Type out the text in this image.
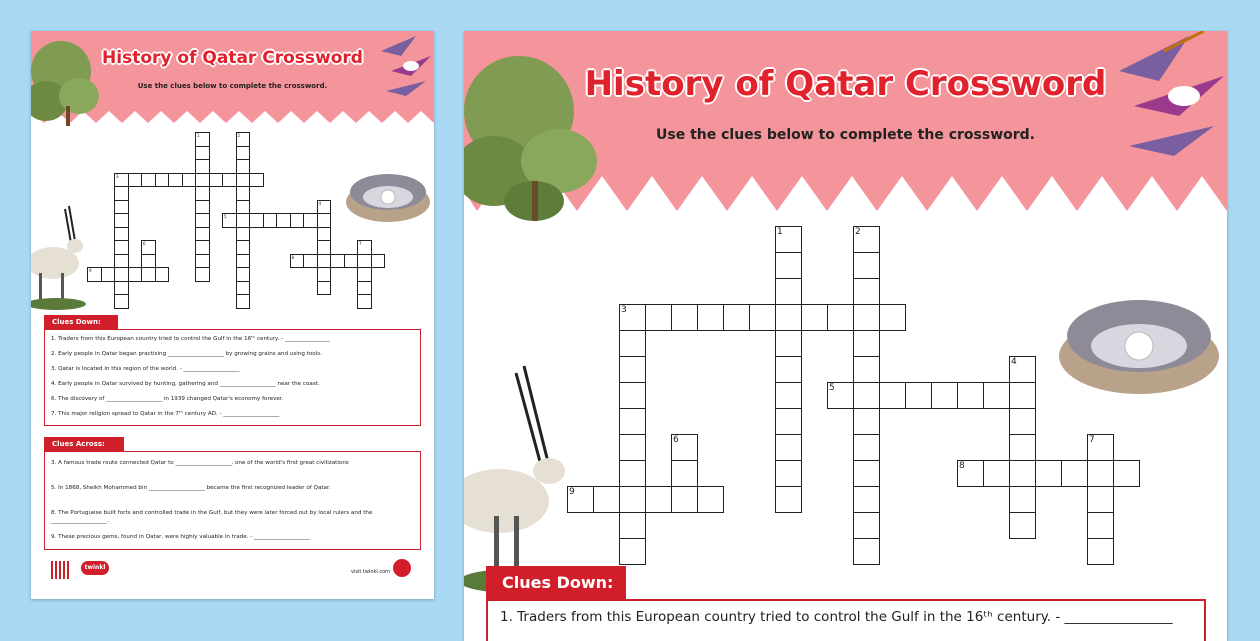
History of Qatar Crossword
Use the clues below to complete the crossword.
1	2
3
5
4
6	7
8
9
Clues Down:
1. Traders from this European country tried to control the Gulf in the 16ᵗʰ century. - ________________
2. Early people in Qatar began practising ____________________ by growing grains and using tools.
3. Qatar is located in this region of the world. - ____________________
4. Early people in Qatar survived by hunting, gathering and ____________________ near the coast.
6. The discovery of ____________________ in 1939 changed Qatar's economy forever.
7. This major religion spread to Qatar in the 7ᵗʰ century AD. - ____________________
Clues Across:
3. A famous trade route connected Qatar to ____________________, one of the world's first great civilizations
5. In 1868, Sheikh Mohammed bin ____________________ became the first recognized leader of Qatar.
8. The Portuguese built forts and controlled trade in the Gulf, but they were later forced out by local rulers and the ____________________.
9. These precious gems, found in Qatar, were highly valuable in trade. - ____________________
twinkl
visit twinkl.com
History of Qatar Crossword
Use the clues below to complete the crossword.
1	2
3
5
4
6	7
8
9
Clues Down:
1. Traders from this European country tried to control the Gulf in the 16ᵗʰ century. - ________________
